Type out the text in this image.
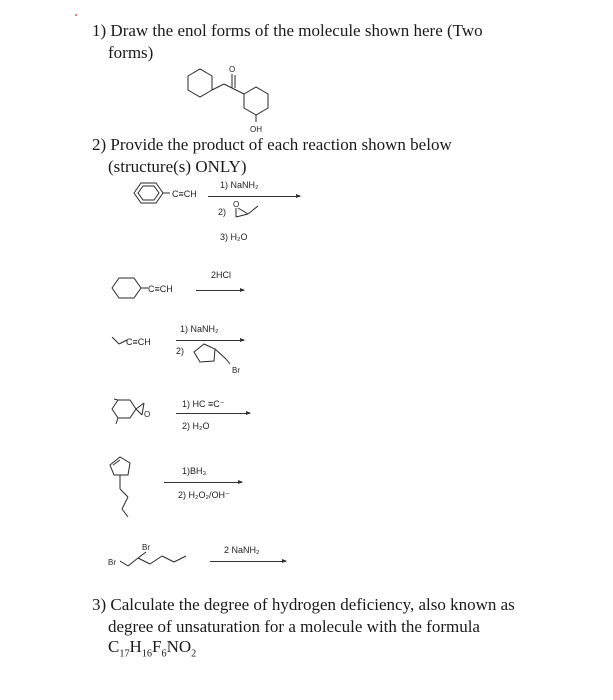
1) Draw the enol forms of the molecule shown here (Two
forms)
O
OH
2) Provide the product of each reaction shown below
(structure(s) ONLY)
C≡CH
1) NaNH₂
2)
O
3) H₂O
C≡CH
2HCl
C≡CH
1) NaNH₂
2)
Br
O
1) HC ≡C⁻
2) H₂O
1)BH₃
2) H₂O₂/OH⁻
Br
Br	2 NaNH₂
3) Calculate the degree of hydrogen deficiency, also known as
degree of unsaturation for a molecule with the formula
$C_{17}H_{16}F_6NO_2$
